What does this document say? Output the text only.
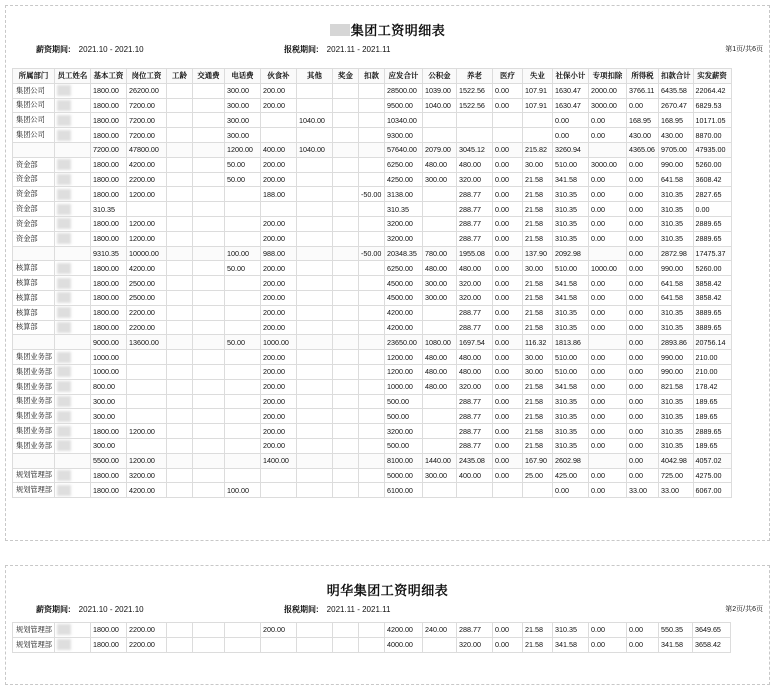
集团工资明细表
薪资期间: 2021.10 - 2021.10	报税期间: 2021.11 - 2021.11	第1页/共6页
所属部门	员工姓名	基本工资	岗位工资	工龄	交通费	电话费	伙食补	其他	奖金	扣款	应发合计	公积金	养老	医疗	失业	社保小计	专项扣除	所得税	扣款合计	实发薪资
集团公司		1800.00	26200.00			300.00	200.00				28500.00	1039.00	1522.56	0.00	107.91	1630.47	2000.00	3766.11	6435.58	22064.42
集团公司		1800.00	7200.00			300.00	200.00				9500.00	1040.00	1522.56	0.00	107.91	1630.47	3000.00	0.00	2670.47	6829.53
集团公司		1800.00	7200.00			300.00		1040.00			10340.00					0.00	0.00	168.95	168.95	10171.05
集团公司		1800.00	7200.00			300.00					9300.00					0.00	0.00	430.00	430.00	8870.00
		7200.00	47800.00			1200.00	400.00	1040.00			57640.00	2079.00	3045.12	0.00	215.82	3260.94		4365.06	9705.00	47935.00
资金部		1800.00	4200.00			50.00	200.00				6250.00	480.00	480.00	0.00	30.00	510.00	3000.00	0.00	990.00	5260.00
资金部		1800.00	2200.00			50.00	200.00				4250.00	300.00	320.00	0.00	21.58	341.58	0.00	0.00	641.58	3608.42
资金部		1800.00	1200.00				188.00			-50.00	3138.00		288.77	0.00	21.58	310.35	0.00	0.00	310.35	2827.65
资金部		310.35									310.35		288.77	0.00	21.58	310.35	0.00	0.00	310.35	0.00
资金部		1800.00	1200.00				200.00				3200.00		288.77	0.00	21.58	310.35	0.00	0.00	310.35	2889.65
资金部		1800.00	1200.00				200.00				3200.00		288.77	0.00	21.58	310.35	0.00	0.00	310.35	2889.65
		9310.35	10000.00			100.00	988.00			-50.00	20348.35	780.00	1955.08	0.00	137.90	2092.98		0.00	2872.98	17475.37
核算部		1800.00	4200.00			50.00	200.00				6250.00	480.00	480.00	0.00	30.00	510.00	1000.00	0.00	990.00	5260.00
核算部		1800.00	2500.00				200.00				4500.00	300.00	320.00	0.00	21.58	341.58	0.00	0.00	641.58	3858.42
核算部		1800.00	2500.00				200.00				4500.00	300.00	320.00	0.00	21.58	341.58	0.00	0.00	641.58	3858.42
核算部		1800.00	2200.00				200.00				4200.00		288.77	0.00	21.58	310.35	0.00	0.00	310.35	3889.65
核算部		1800.00	2200.00				200.00				4200.00		288.77	0.00	21.58	310.35	0.00	0.00	310.35	3889.65
		9000.00	13600.00			50.00	1000.00				23650.00	1080.00	1697.54	0.00	116.32	1813.86		0.00	2893.86	20756.14
集团业务部		1000.00					200.00				1200.00	480.00	480.00	0.00	30.00	510.00	0.00	0.00	990.00	210.00
集团业务部		1000.00					200.00				1200.00	480.00	480.00	0.00	30.00	510.00	0.00	0.00	990.00	210.00
集团业务部		800.00					200.00				1000.00	480.00	320.00	0.00	21.58	341.58	0.00	0.00	821.58	178.42
集团业务部		300.00					200.00				500.00		288.77	0.00	21.58	310.35	0.00	0.00	310.35	189.65
集团业务部		300.00					200.00				500.00		288.77	0.00	21.58	310.35	0.00	0.00	310.35	189.65
集团业务部		1800.00	1200.00				200.00				3200.00		288.77	0.00	21.58	310.35	0.00	0.00	310.35	2889.65
集团业务部		300.00					200.00				500.00		288.77	0.00	21.58	310.35	0.00	0.00	310.35	189.65
		5500.00	1200.00				1400.00				8100.00	1440.00	2435.08	0.00	167.90	2602.98		0.00	4042.98	4057.02
规划管理部		1800.00	3200.00								5000.00	300.00	400.00	0.00	25.00	425.00	0.00	0.00	725.00	4275.00
规划管理部		1800.00	4200.00			100.00					6100.00					0.00	0.00	33.00	33.00	6067.00
明华集团工资明细表
薪资期间: 2021.10 - 2021.10	报税期间: 2021.11 - 2021.11	第2页/共6页
规划管理部		1800.00	2200.00				200.00				4200.00	240.00	288.77	0.00	21.58	310.35	0.00	0.00	550.35	3649.65
规划管理部		1800.00	2200.00								4000.00		320.00	0.00	21.58	341.58	0.00	0.00	341.58	3658.42
